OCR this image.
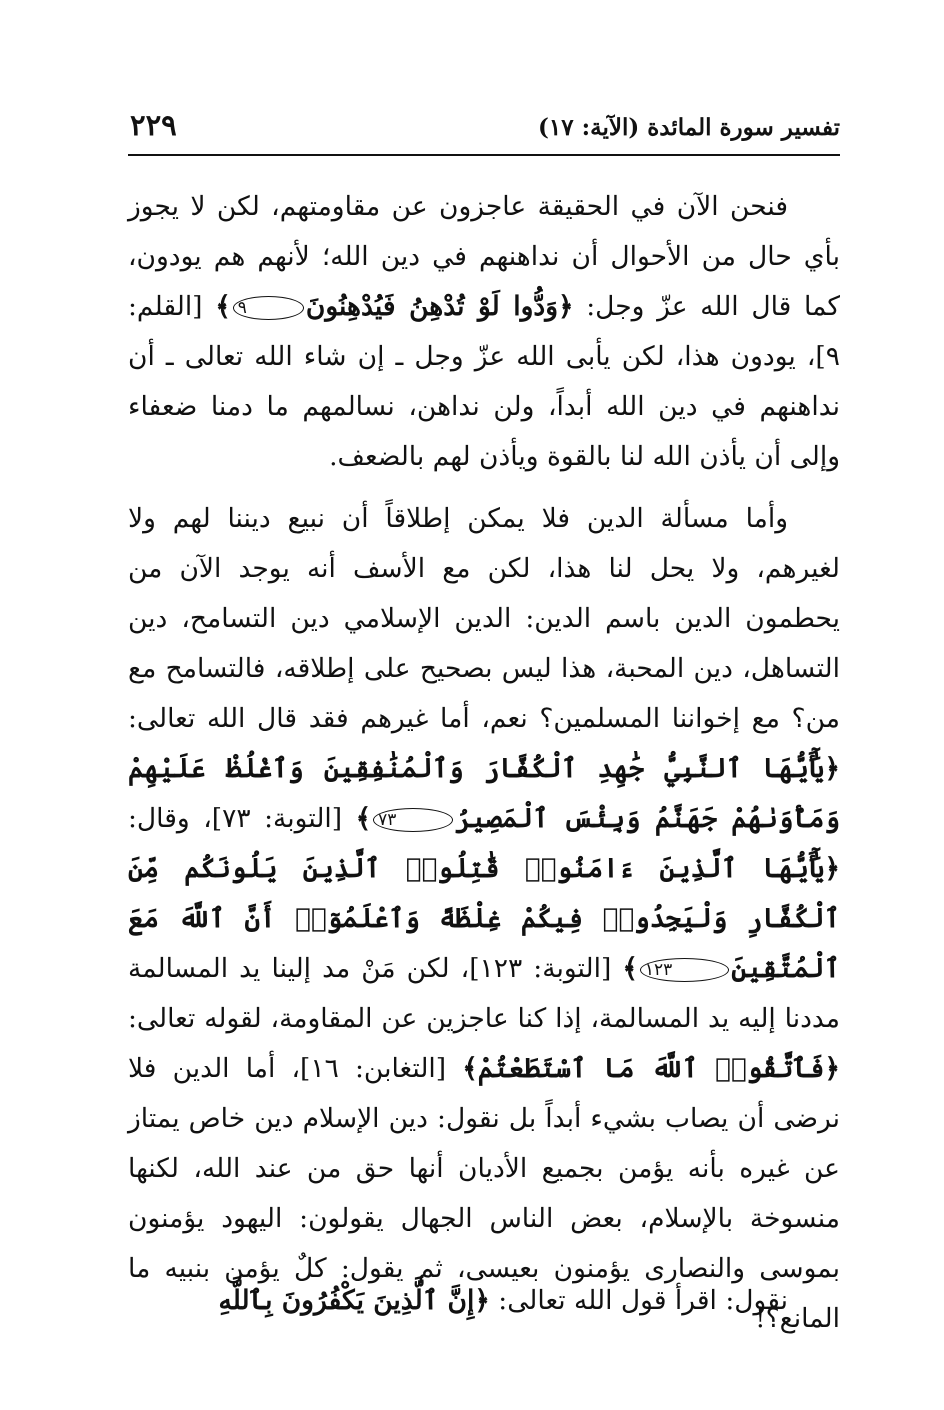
تفسير سورة المائدة (الآية: ١٧)
٢٢٩

فنحن الآن في الحقيقة عاجزون عن مقاومتهم، لكن لا يجوز بأي حال من الأحوال أن نداهنهم في دين الله؛ لأنهم هم يودون، كما قال الله عزّ وجل: ﴿وَدُّوا لَوْ تُدْهِنُ فَيُدْهِنُونَ٩﴾ [القلم: ٩]، يودون هذا، لكن يأبى الله عزّ وجل ـ إن شاء الله تعالى ـ أن نداهنهم في دين الله أبداً، ولن نداهن، نسالمهم ما دمنا ضعفاء وإلى أن يأذن الله لنا بالقوة ويأذن لهم بالضعف.

وأما مسألة الدين فلا يمكن إطلاقاً أن نبيع ديننا لهم ولا لغيرهم، ولا يحل لنا هذا، لكن مع الأسف أنه يوجد الآن من يحطمون الدين باسم الدين: الدين الإسلامي دين التسامح، دين التساهل، دين المحبة، هذا ليس بصحيح على إطلاقه، فالتسامح مع من؟ مع إخواننا المسلمين؟ نعم، أما غيرهم فقد قال الله تعالى: ﴿يَٰٓأَيُّهَا ٱلنَّبِيُّ جَٰهِدِ ٱلْكُفَّارَ وَٱلْمُنَٰفِقِينَ وَٱغْلُظْ عَلَيْهِمْ وَمَأْوَىٰهُمْ جَهَنَّمُ وَبِئْسَ ٱلْمَصِيرُ٧٣﴾ [التوبة: ٧٣]، وقال: ﴿يَٰٓأَيُّهَا ٱلَّذِينَ ءَامَنُوا۟ قَٰتِلُوا۟ ٱلَّذِينَ يَلُونَكُم مِّنَ ٱلْكُفَّارِ وَلْيَجِدُوا۟ فِيكُمْ غِلْظَةً وَٱعْلَمُوٓا۟ أَنَّ ٱللَّهَ مَعَ ٱلْمُتَّقِينَ١٢٣﴾ [التوبة: ١٢٣]، لكن مَنْ مد إلينا يد المسالمة مددنا إليه يد المسالمة، إذا كنا عاجزين عن المقاومة، لقوله تعالى: ﴿فَٱتَّقُوا۟ ٱللَّهَ مَا ٱسْتَطَعْتُمْ﴾ [التغابن: ١٦]، أما الدين فلا نرضى أن يصاب بشيء أبداً بل نقول: دين الإسلام دين خاص يمتاز عن غيره بأنه يؤمن بجميع الأديان أنها حق من عند الله، لكنها منسوخة بالإسلام، بعض الناس الجهال يقولون: اليهود يؤمنون بموسى والنصارى يؤمنون بعيسى، ثم يقول: كلٌ يؤمن بنبيه ما المانع؟!

نقول: اقرأ قول الله تعالى: ﴿إِنَّ ٱلَّذِينَ يَكْفُرُونَ بِٱللَّهِ
